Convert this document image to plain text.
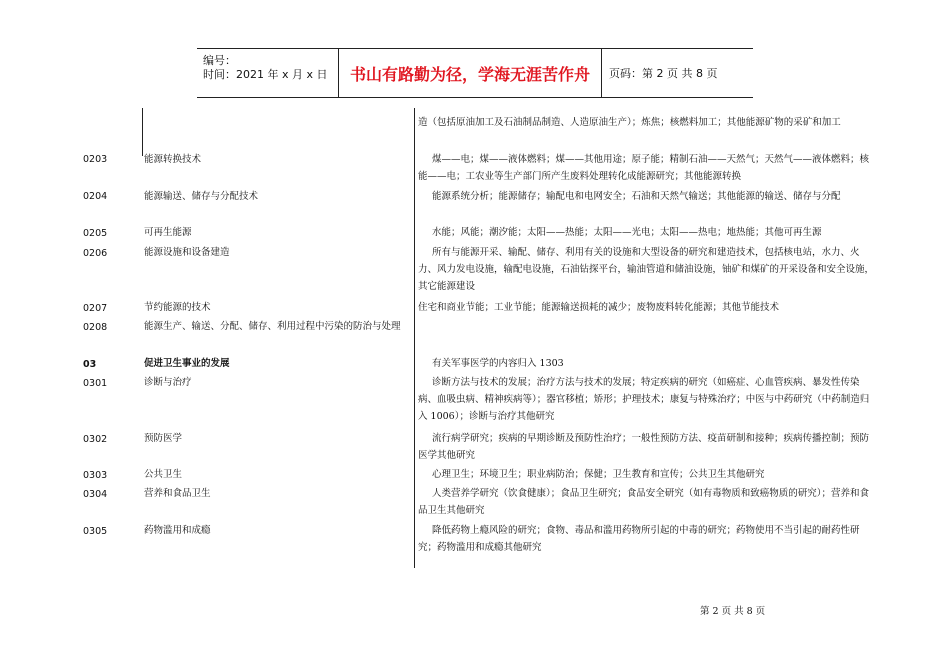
编号：
时间：2021 年 x 月 x 日	书山有路勤为径，学海无涯苦作舟	页码：第 2 页 共 8 页
造（包括原油加工及石油制品制造、人造原油生产）；炼焦；核燃料加工；其他能源矿物的采矿和加工
0203	能源转换技术	煤——电；煤——液体燃料；煤——其他用途；原子能；精制石油——天然气；天然气——液体燃料；核能——电；工农业等生产部门所产生废料处理转化成能源研究；其他能源转换
0204	能源输送、储存与分配技术	能源系统分析；能源储存；输配电和电网安全；石油和天然气输送；其他能源的输送、储存与分配
0205	可再生能源	水能；风能；潮汐能；太阳——热能；太阳——光电；太阳——热电；地热能；其他可再生源
0206	能源设施和设备建造	所有与能源开采、输配、储存、利用有关的设施和大型设备的研究和建造技术，包括核电站，水力、火力、风力发电设施，输配电设施，石油钻探平台，输油管道和储油设施，铀矿和煤矿的开采设备和安全设施，其它能源建设
0207	节约能源的技术	住宅和商业节能；工业节能；能源输送损耗的减少；废物废料转化能源；其他节能技术
0208	能源生产、输送、分配、储存、利用过程中污染的防治与处理
03	促进卫生事业的发展	有关军事医学的内容归入 1303
0301	诊断与治疗	诊断方法与技术的发展；治疗方法与技术的发展；特定疾病的研究（如癌症、心血管疾病、暴发性传染病、血吸虫病、精神疾病等）；器官移植；矫形；护理技术；康复与特殊治疗；中医与中药研究（中药制造归入 1006）；诊断与治疗其他研究
0302	预防医学	流行病学研究；疾病的早期诊断及预防性治疗；一般性预防方法、疫苗研制和接种；疾病传播控制；预防医学其他研究
0303	公共卫生	心理卫生；环境卫生；职业病防治；保健；卫生教育和宣传；公共卫生其他研究
0304	营养和食品卫生	人类营养学研究（饮食健康）；食品卫生研究；食品安全研究（如有毒物质和致癌物质的研究）；营养和食品卫生其他研究
0305	药物滥用和成瘾	降低药物上瘾风险的研究；食物、毒品和滥用药物所引起的中毒的研究；药物使用不当引起的耐药性研究；药物滥用和成瘾其他研究
第 2 页 共 8 页
